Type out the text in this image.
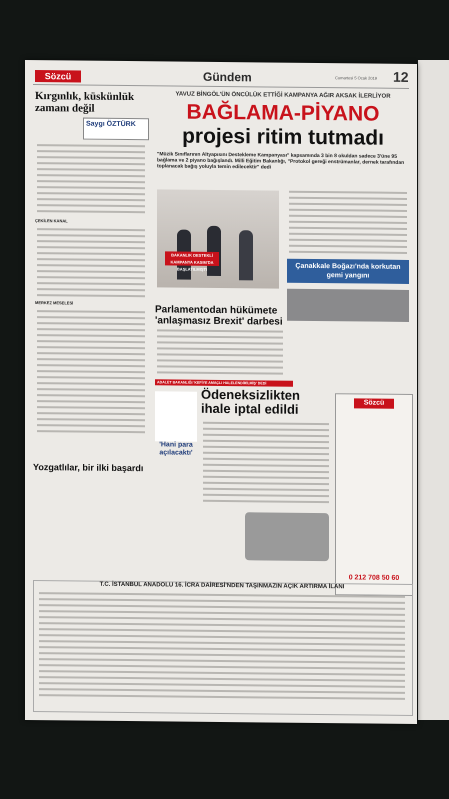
Sözcü	Gündem	Cumartesi 5 Ocak 2019 12
Kırgınlık, küskünlük zamanı değil
Saygı ÖZTÜRK
ÇEKİLEN KANAL
MERKEZ MESELESİ
Yozgatlılar, bir ilki başardı
YAVUZ BİNGÖL'ÜN ÖNCÜLÜK ETTİĞİ KAMPANYA AĞIR AKSAK İLERLİYOR
BAĞLAMA-PİYANO
projesi ritim tutmadı
"Müzik Sınıflarının Altyapısını Destekleme Kampanyası" kapsamında 3 bin 8 okuldan sadece 3'üne 95 bağlama ve 2 piyano bağışlandı. Milli Eğitim Bakanlığı, "Protokol gereği enstrümanlar, dernek tarafından toplanacak bağış yoluyla temin edilecektir" dedi
BAKANLIK DESTEKLİ KAMPANYA KASIM'DA BAŞLATILMIŞTI	Çanakkale Boğazı'nda korkutan gemi yangını
Parlamentodan hükümete 'anlaşmasız Brexit' darbesi
ADALET BAKANLIĞI 'KEFİYE AMAÇLI HALELENDİRİLMİŞ' DEDİ
Ödeneksizlikten ihale iptal edildi
'Hani para açılacaktı'
Sözcü
0 212 708 50 60
T.C. İSTANBUL ANADOLU 16. İCRA DAİRESİ'NDEN TAŞINMAZIN AÇIK ARTIRMA İLANI
